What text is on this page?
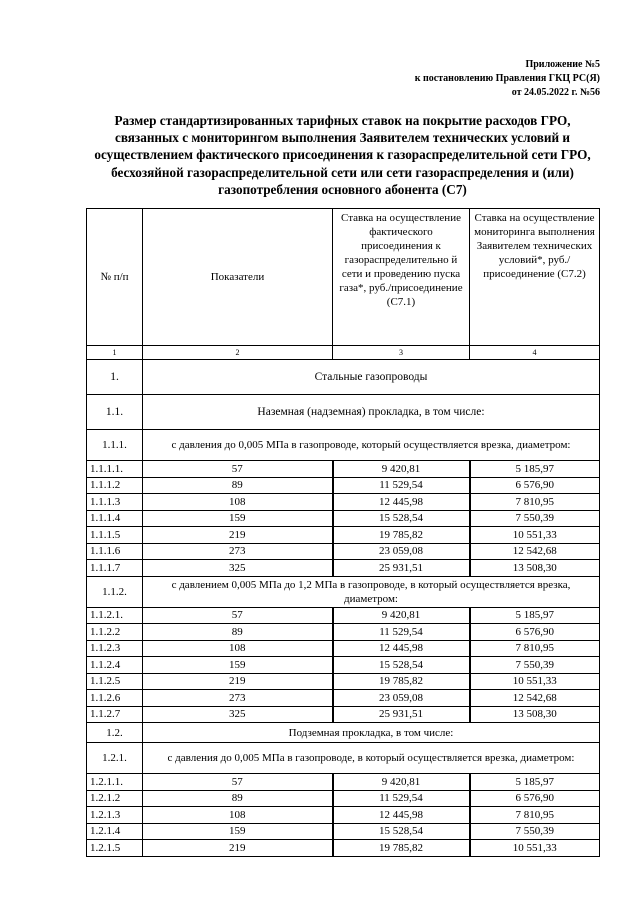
Приложение №5
к постановлению Правления ГКЦ РС(Я)
от 24.05.2022 г. №56
Размер стандартизированных тарифных ставок на покрытие расходов ГРО, связанных с мониторингом выполнения Заявителем технических условий и осуществлением фактического присоединения к газораспределительной сети ГРО, бесхозяйной газораспределительной сети или сети газораспределения и (или) газопотребления основного абонента (С7)
№ п/п	Показатели	Ставка на осуществление фактического присоединения к газораспределительно й сети и проведению пуска газа*, руб./присоединение (С7.1)	Ставка на осуществление мониторинга выполнения Заявителем технических условий*, руб./присоединение (С7.2)
1	2	3	4
1.	Стальные газопроводы		
1.1.	Наземная (надземная) прокладка, в том числе:		
1.1.1.	с давления до 0,005 МПа в газопроводе, который осуществляется врезка, диаметром:		
1.1.1.1.	57	9 420,81	5 185,97
1.1.1.2	89	11 529,54	6 576,90
1.1.1.3	108	12 445,98	7 810,95
1.1.1.4	159	15 528,54	7 550,39
1.1.1.5	219	19 785,82	10 551,33
1.1.1.6	273	23 059,08	12 542,68
1.1.1.7	325	25 931,51	13 508,30
1.1.2.	с давлением 0,005 МПа до 1,2 МПа в газопроводе, в который осуществляется врезка, диаметром:		
1.1.2.1.	57	9 420,81	5 185,97
1.1.2.2	89	11 529,54	6 576,90
1.1.2.3	108	12 445,98	7 810,95
1.1.2.4	159	15 528,54	7 550,39
1.1.2.5	219	19 785,82	10 551,33
1.1.2.6	273	23 059,08	12 542,68
1.1.2.7	325	25 931,51	13 508,30
1.2.	Подземная прокладка, в том числе:		
1.2.1.	с давления до 0,005 МПа в газопроводе, в который осуществляется врезка, диаметром:		
1.2.1.1.	57	9 420,81	5 185,97
1.2.1.2	89	11 529,54	6 576,90
1.2.1.3	108	12 445,98	7 810,95
1.2.1.4	159	15 528,54	7 550,39
1.2.1.5	219	19 785,82	10 551,33
